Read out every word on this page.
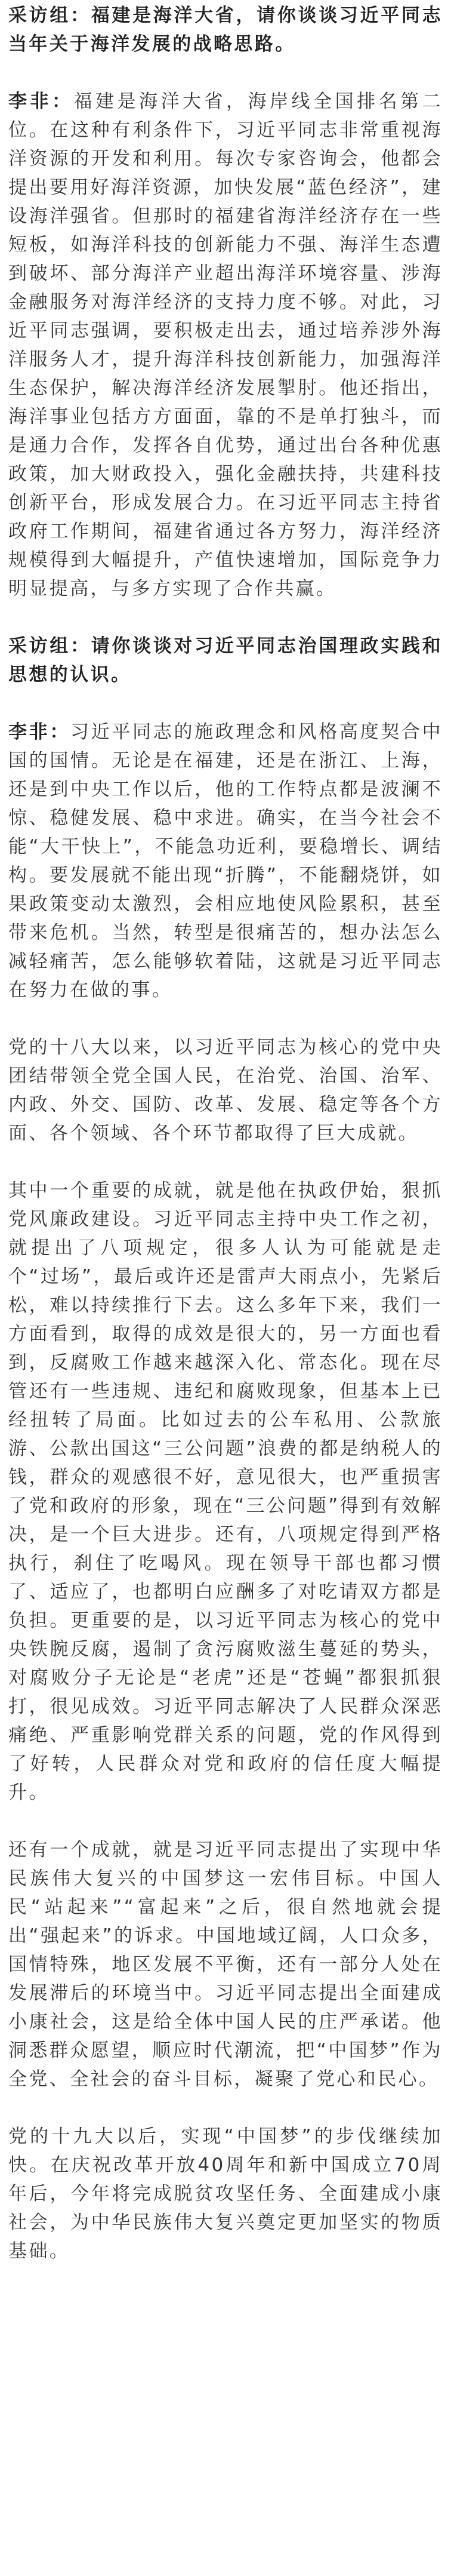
采访组：福建是海洋大省，请你谈谈习近平同志当年关于海洋发展的战略思路。
李非：福建是海洋大省，海岸线全国排名第二位。在这种有利条件下，习近平同志非常重视海洋资源的开发和利用。每次专家咨询会，他都会提出要用好海洋资源，加快发展“蓝色经济”，建设海洋强省。但那时的福建省海洋经济存在一些短板，如海洋科技的创新能力不强、海洋生态遭到破坏、部分海洋产业超出海洋环境容量、涉海金融服务对海洋经济的支持力度不够。对此，习近平同志强调，要积极走出去，通过培养涉外海洋服务人才，提升海洋科技创新能力，加强海洋生态保护，解决海洋经济发展掣肘。他还指出，海洋事业包括方方面面，靠的不是单打独斗，而是通力合作，发挥各自优势，通过出台各种优惠政策，加大财政投入，强化金融扶持，共建科技创新平台，形成发展合力。在习近平同志主持省政府工作期间，福建省通过各方努力，海洋经济规模得到大幅提升，产值快速增加，国际竞争力明显提高，与多方实现了合作共赢。
采访组：请你谈谈对习近平同志治国理政实践和思想的认识。
李非：习近平同志的施政理念和风格高度契合中国的国情。无论是在福建，还是在浙江、上海，还是到中央工作以后，他的工作特点都是波澜不惊、稳健发展、稳中求进。确实，在当今社会不能“大干快上”，不能急功近利，要稳增长、调结构。要发展就不能出现“折腾”，不能翻烧饼，如果政策变动太激烈，会相应地使风险累积，甚至带来危机。当然，转型是很痛苦的，想办法怎么减轻痛苦，怎么能够软着陆，这就是习近平同志在努力在做的事。
党的十八大以来，以习近平同志为核心的党中央团结带领全党全国人民，在治党、治国、治军、内政、外交、国防、改革、发展、稳定等各个方面、各个领域、各个环节都取得了巨大成就。
其中一个重要的成就，就是他在执政伊始，狠抓党风廉政建设。习近平同志主持中央工作之初，就提出了八项规定，很多人认为可能就是走个“过场”，最后或许还是雷声大雨点小，先紧后松，难以持续推行下去。这么多年下来，我们一方面看到，取得的成效是很大的，另一方面也看到，反腐败工作越来越深入化、常态化。现在尽管还有一些违规、违纪和腐败现象，但基本上已经扭转了局面。比如过去的公车私用、公款旅游、公款出国这“三公问题”浪费的都是纳税人的钱，群众的观感很不好，意见很大，也严重损害了党和政府的形象，现在“三公问题”得到有效解决，是一个巨大进步。还有，八项规定得到严格执行，刹住了吃喝风。现在领导干部也都习惯了、适应了，也都明白应酬多了对吃请双方都是负担。更重要的是，以习近平同志为核心的党中央铁腕反腐，遏制了贪污腐败滋生蔓延的势头，对腐败分子无论是“老虎”还是“苍蝇”都狠抓狠打，很见成效。习近平同志解决了人民群众深恶痛绝、严重影响党群关系的问题，党的作风得到了好转，人民群众对党和政府的信任度大幅提升。
还有一个成就，就是习近平同志提出了实现中华民族伟大复兴的中国梦这一宏伟目标。中国人民“站起来”“富起来”之后，很自然地就会提出“强起来”的诉求。中国地域辽阔，人口众多，国情特殊，地区发展不平衡，还有一部分人处在发展滞后的环境当中。习近平同志提出全面建成小康社会，这是给全体中国人民的庄严承诺。他洞悉群众愿望，顺应时代潮流，把“中国梦”作为全党、全社会的奋斗目标，凝聚了党心和民心。
党的十九大以后，实现“中国梦”的步伐继续加快。在庆祝改革开放40周年和新中国成立70周年后，今年将完成脱贫攻坚任务、全面建成小康社会，为中华民族伟大复兴奠定更加坚实的物质基础。
